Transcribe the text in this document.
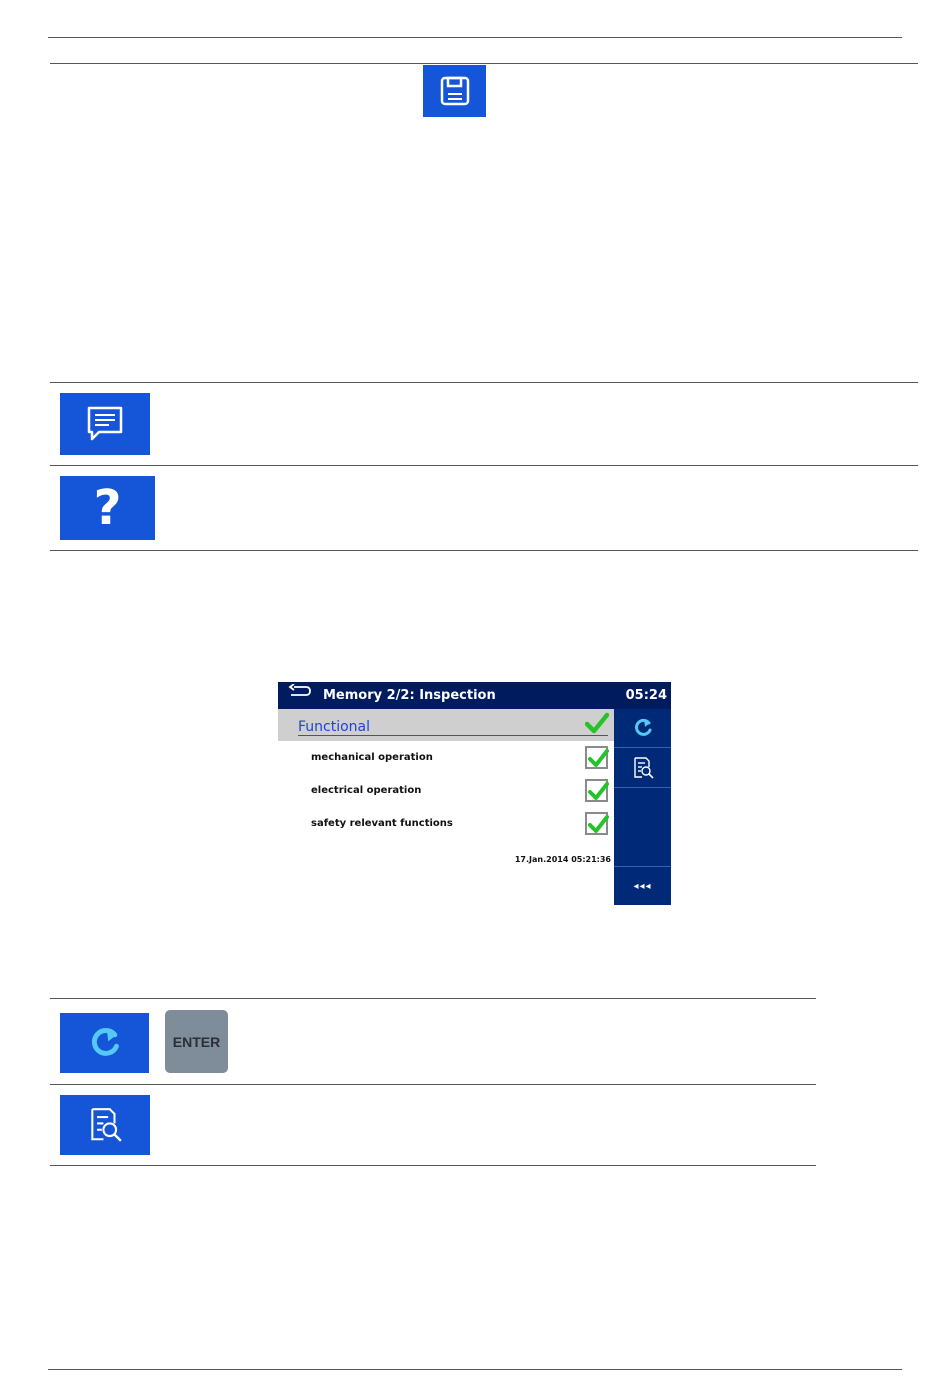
?
Memory 2/2: Inspection	05:24
Functional
mechanical operation
electrical operation
safety relevant functions
17.Jan.2014 05:21:36
◂◂◂
ENTER
